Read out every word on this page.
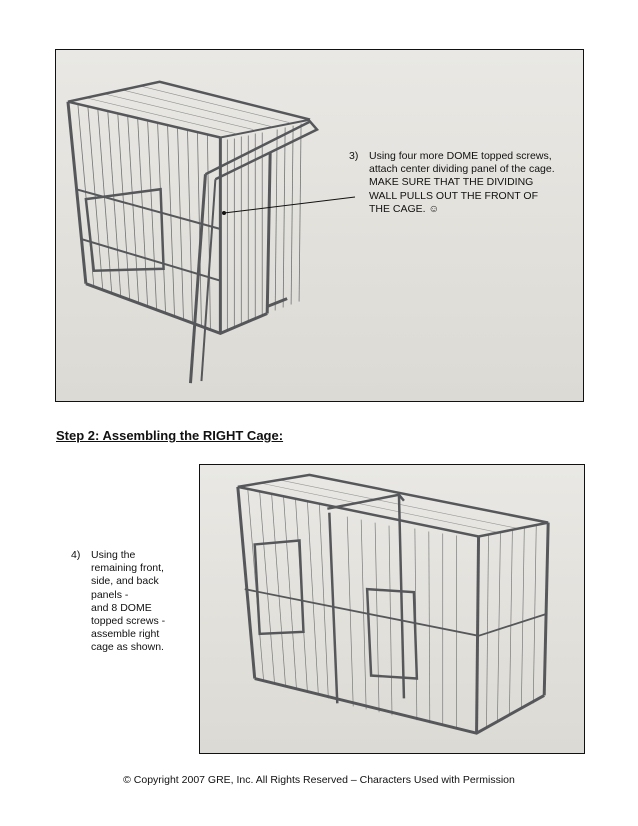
3) Using four more DOME topped screws,
attach center dividing panel of the cage.
MAKE SURE THAT THE DIVIDING
WALL PULLS OUT THE FRONT OF
THE CAGE. ☺
Step 2: Assembling the RIGHT Cage:
4) Using the
remaining front,
side, and back
panels -
and 8 DOME
topped screws -
assemble right
cage as shown.
© Copyright 2007 GRE, Inc. All Rights Reserved – Characters Used with Permission
